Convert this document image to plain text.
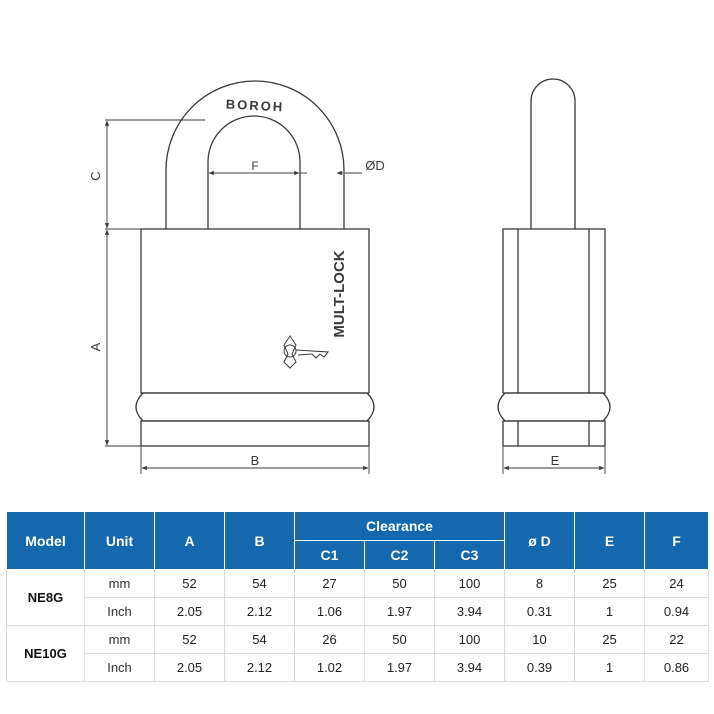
BOROH
MULT-LOCK
C
A
B
F	ØD
E
Model	Unit	A	B	Clearance			ø D	E	F
				C1	C2	C3			
NE8G	mm	52	54	27	50	100	8	25	24
	Inch	2.05	2.12	1.06	1.97	3.94	0.31	1	0.94
NE10G	mm	52	54	26	50	100	10	25	22
	Inch	2.05	2.12	1.02	1.97	3.94	0.39	1	0.86
